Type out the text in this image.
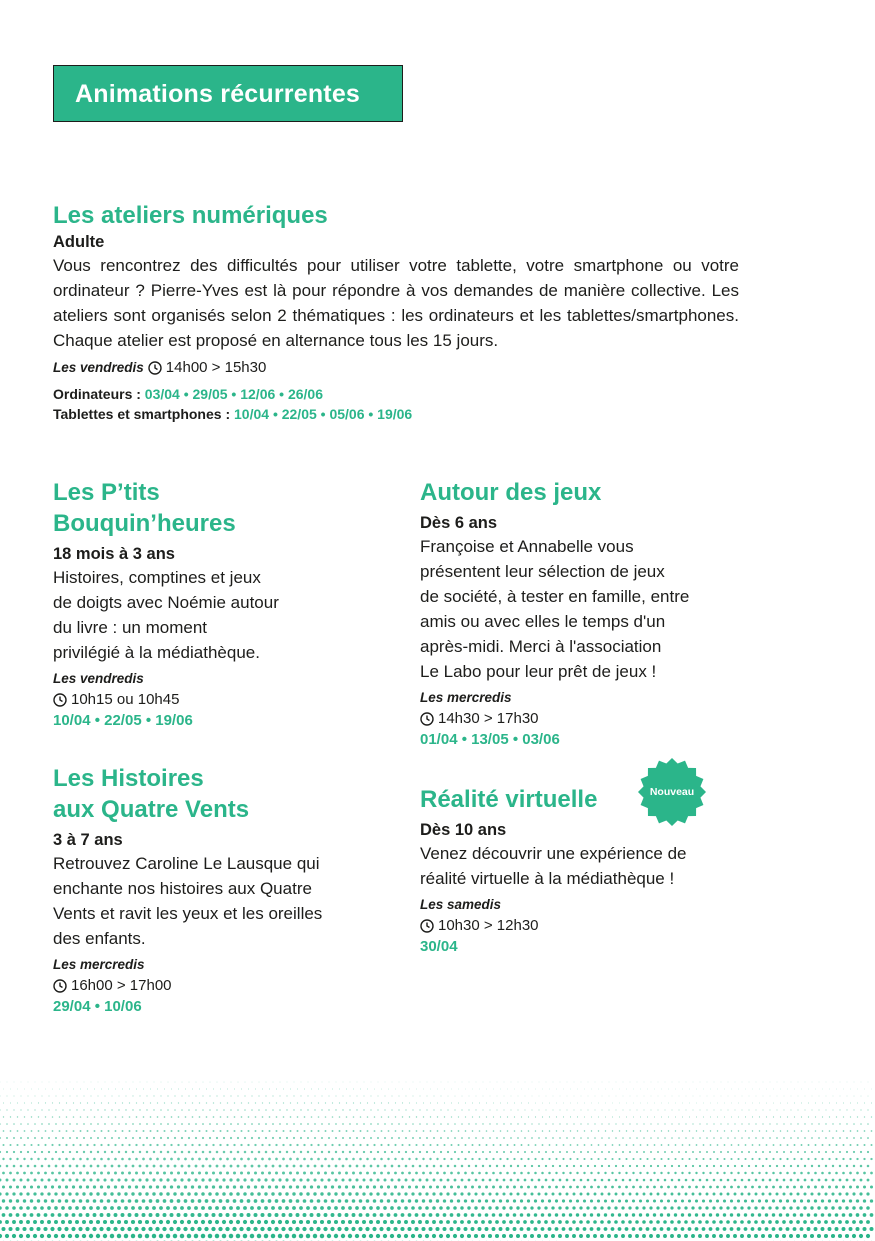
Animations récurrentes
Les ateliers numériques

Adulte

Vous rencontrez des difficultés pour utiliser votre tablette, votre smartphone ou votre ordinateur ? Pierre-Yves est là pour répondre à vos demandes de manière collective. Les ateliers sont organisés selon 2 thématiques : les ordinateurs et les tablettes/smartphones. Chaque atelier est proposé en alternance tous les 15 jours.

Les vendredis 14h00 > 15h30

Ordinateurs : 03/04 • 29/05 • 12/06 • 26/06

Tablettes et smartphones : 10/04 • 22/05 • 05/06 • 19/06

Les P’tits
Bouquin’heures

18 mois à 3 ans

Histoires, comptines et jeux
de doigts avec Noémie autour
du livre : un moment
privilégié à la médiathèque.

Les vendredis

10h15 ou 10h45

10/04 • 22/05 • 19/06

Autour des jeux

Dès 6 ans

Françoise et Annabelle vous
présentent leur sélection de jeux
de société, à tester en famille, entre
amis ou avec elles le temps d'un
après-midi. Merci à l'association
Le Labo pour leur prêt de jeux !

Les mercredis

14h30 > 17h30

01/04 • 13/05 • 03/06

Les Histoires
aux Quatre Vents

3 à 7 ans

Retrouvez Caroline Le Lausque qui
enchante nos histoires aux Quatre
Vents et ravit les yeux et les oreilles
des enfants.

Les mercredis

16h00 > 17h00

29/04 • 10/06

Réalité virtuelle

Dès 10 ans

Venez découvrir une expérience de
réalité virtuelle à la médiathèque !

Les samedis

10h30 > 12h30

30/04

Nouveau
